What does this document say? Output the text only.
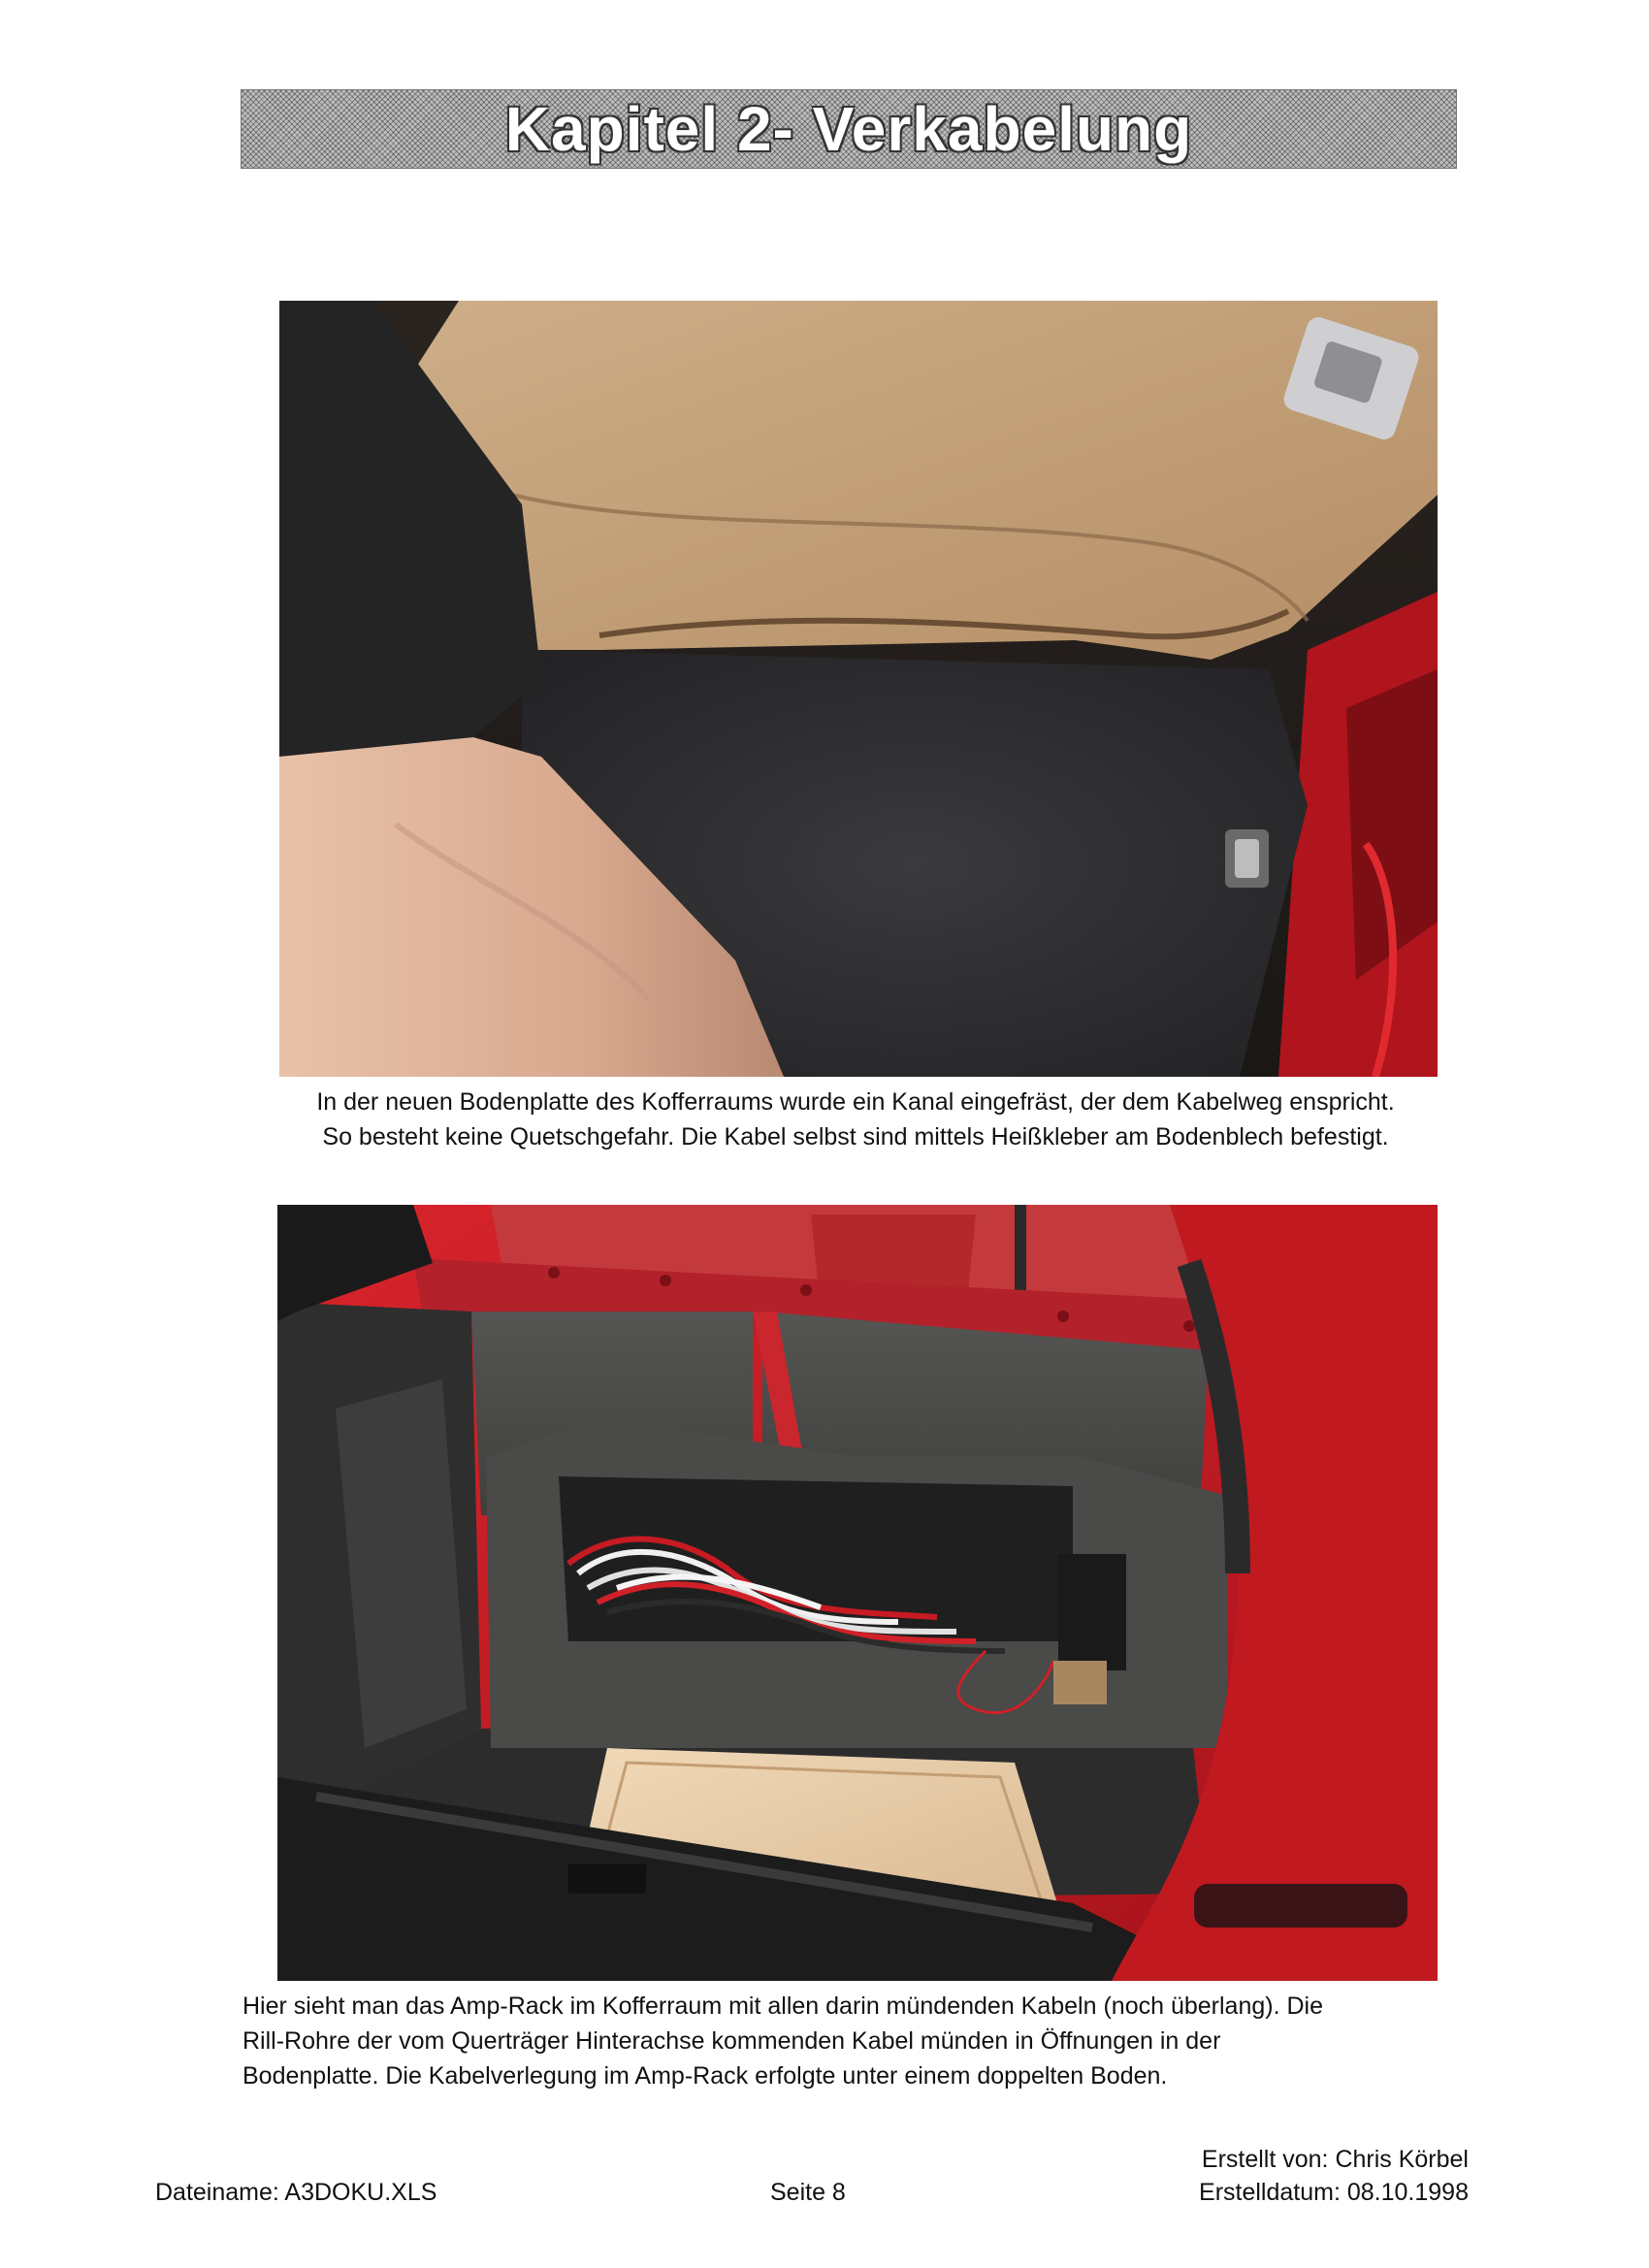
Kapitel 2- Verkabelung
In der neuen Bodenplatte des Kofferraums wurde ein Kanal eingefräst, der dem Kabelweg enspricht.
So besteht keine Quetschgefahr. Die Kabel selbst sind mittels Heißkleber am Bodenblech befestigt.
Hier sieht man das Amp-Rack im Kofferraum mit allen darin mündenden Kabeln (noch überlang). Die
Rill-Rohre der vom Querträger Hinterachse kommenden Kabel münden in Öffnungen in der
Bodenplatte. Die Kabelverlegung im Amp-Rack erfolgte unter einem doppelten Boden.
Dateiname: A3DOKU.XLS	Seite 8
Erstellt von: Chris Körbel
Erstelldatum: 08.10.1998
